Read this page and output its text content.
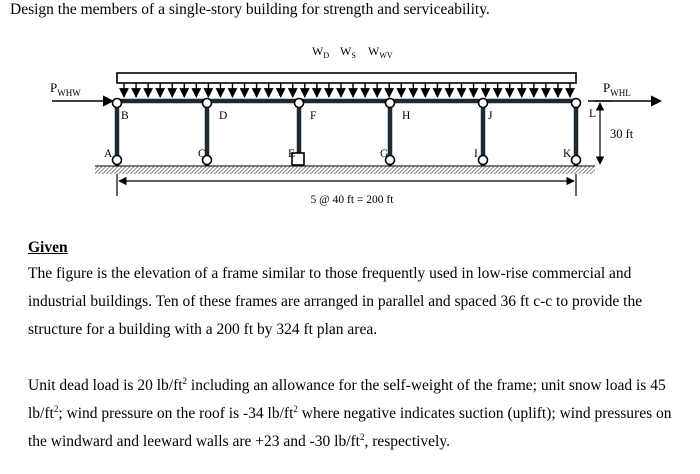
Design the members of a single-story building for strength and serviceability.
$W_D$ $W_S$ $W_{WV}$
$P_{WHW}$	$P_{WHL}$
B	D	F	H	J	L
A	C	E	G	I	K
30 ft
5 @ 40 ft = 200 ft
Given
The figure is the elevation of a frame similar to those frequently used in low-rise commercial and industrial buildings. Ten of these frames are arranged in parallel and spaced 36 ft c-c to provide the structure for a building with a 200 ft by 324 ft plan area.
Unit dead load is 20 $lb/ft^2$ including an allowance for the self-weight of the frame; unit snow load is 45 $lb/ft^2$; wind pressure on the roof is -34 $lb/ft^2$ where negative indicates suction (uplift); wind pressures on the windward and leeward walls are +23 and -30 $lb/ft^2$, respectively.
